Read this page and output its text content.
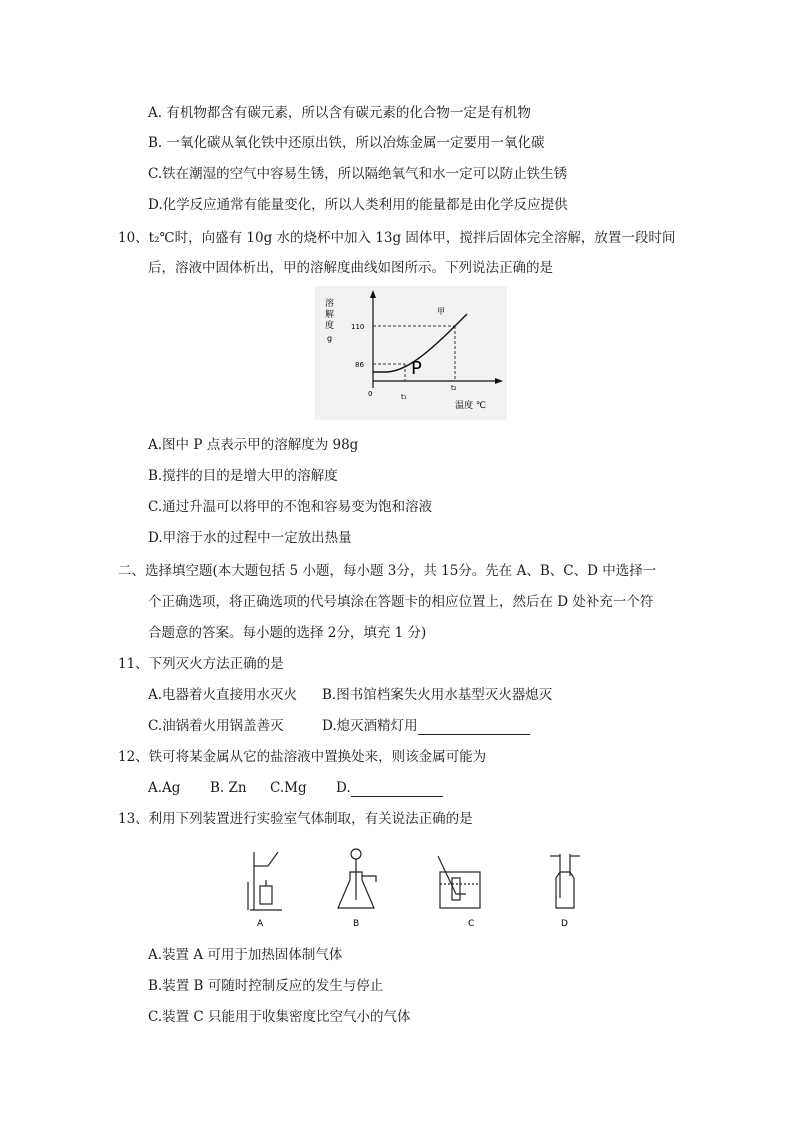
A. 有机物都含有碳元素，所以含有碳元素的化合物一定是有机物
B. 一氧化碳从氧化铁中还原出铁，所以冶炼金属一定要用一氧化碳
C.铁在潮湿的空气中容易生锈，所以隔绝氧气和水一定可以防止铁生锈
D.化学反应通常有能量变化，所以人类利用的能量都是由化学反应提供
10、t₂℃时，向盛有 10g 水的烧杯中加入 13g 固体甲，搅拌后固体完全溶解，放置一段时间
后，溶液中固体析出，甲的溶解度曲线如图所示。下列说法正确的是
溶
解
度
g
110
86
0	t₁
t₂
温度 ℃
甲
P
A.图中 P 点表示甲的溶解度为 98g
B.搅拌的目的是增大甲的溶解度
C.通过升温可以将甲的不饱和容易变为饱和溶液
D.甲溶于水的过程中一定放出热量
二、选择填空题(本大题包括 5 小题，每小题 3分，共 15分。先在 A、B、C、D 中选择一
个正确选项，将正确选项的代号填涂在答题卡的相应位置上，然后在 D 处补充一个符
合题意的答案。每小题的选择 2分，填充 1 分)
11、下列灭火方法正确的是
A.电器着火直接用水灭火 B.图书馆档案失火用水基型灭火器熄灭
C.油锅着火用锅盖善灭	D.熄灭酒精灯用
12、铁可将某金属从它的盐溶液中置换处来，则该金属可能为
A.Ag B. Zn C.Mg D.
13、利用下列装置进行实验室气体制取，有关说法正确的是
A	B	C	D
A.装置 A 可用于加热固体制气体
B.装置 B 可随时控制反应的发生与停止
C.装置 C 只能用于收集密度比空气小的气体
